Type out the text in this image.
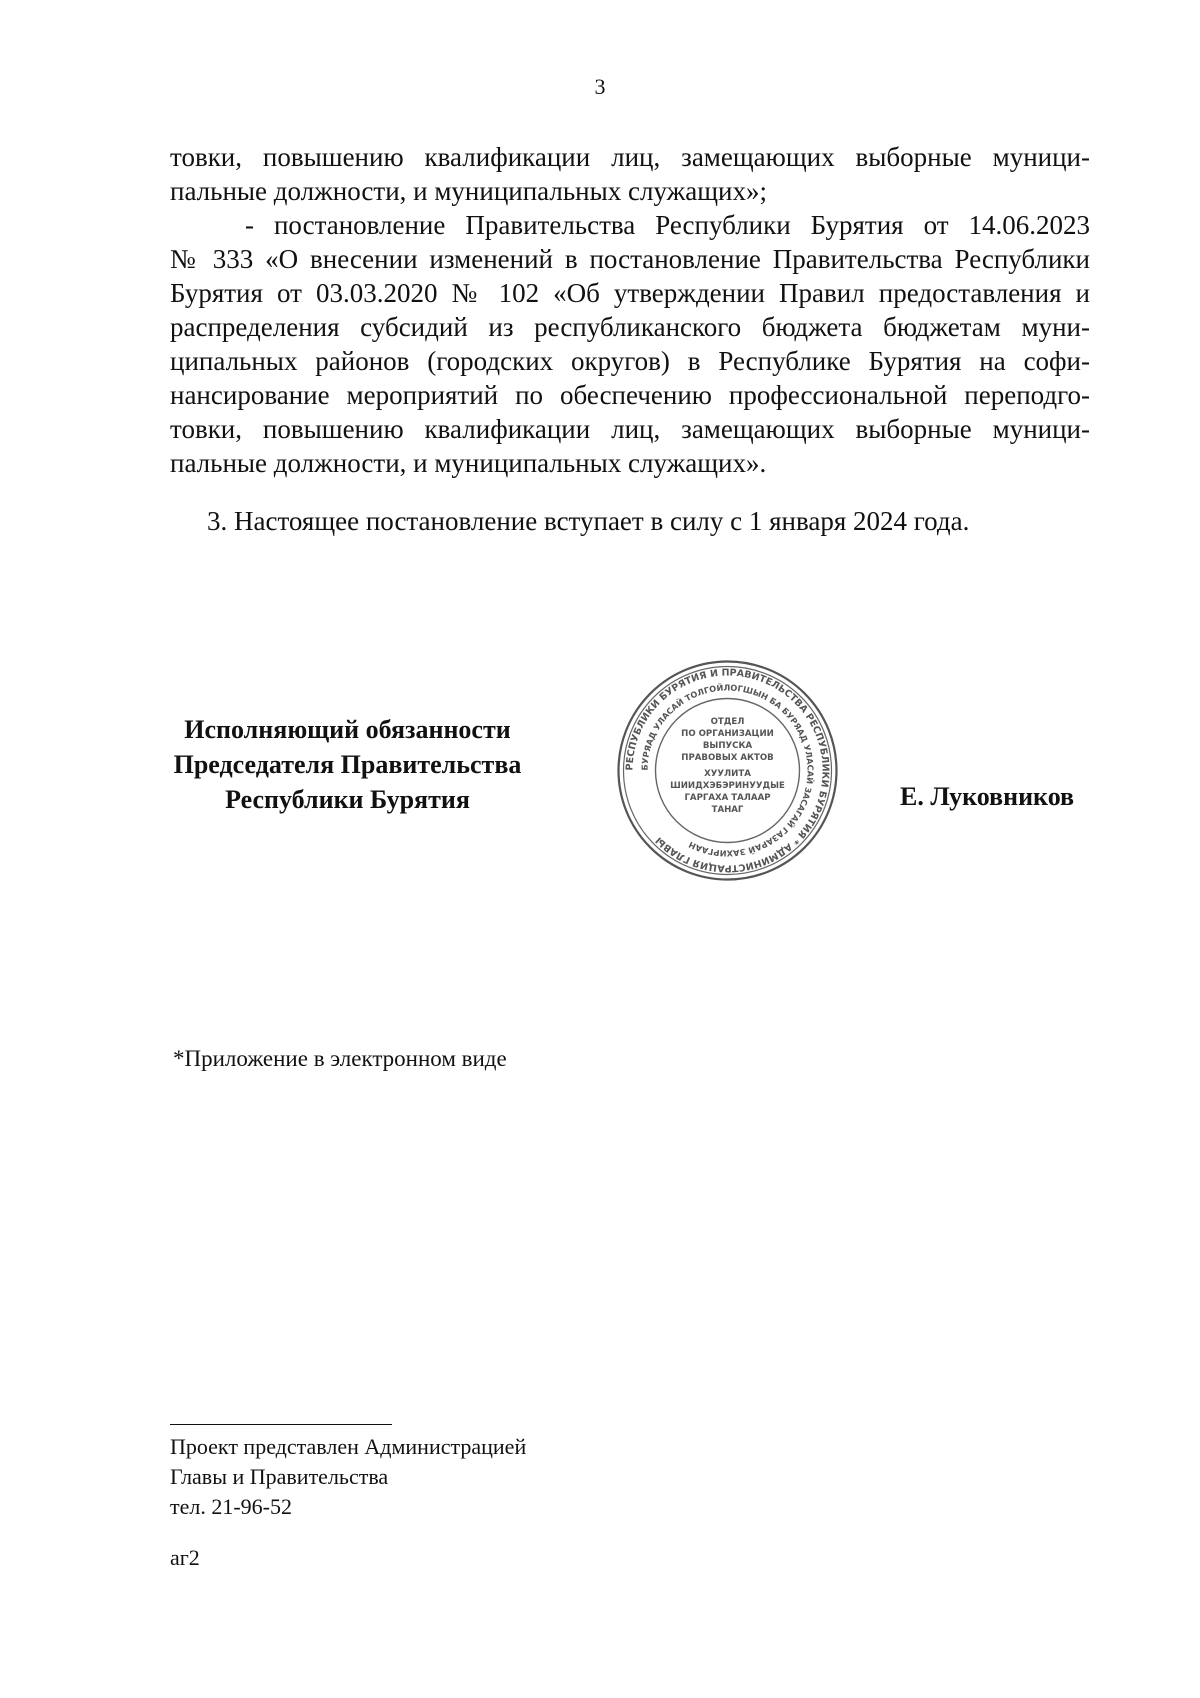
3
товки, повышению квалификации лиц, замещающих выборные муници-
пальные должности, и муниципальных служащих»;
- постановление Правительства Республики Бурятия от 14.06.2023
№ 333 «О внесении изменений в постановление Правительства Республики
Бурятия от 03.03.2020 № 102 «Об утверждении Правил предоставления и
распределения субсидий из республиканского бюджета бюджетам муни-
ципальных районов (городских округов) в Республике Бурятия на софи-
нансирование мероприятий по обеспечению профессиональной переподго-
товки, повышению квалификации лиц, замещающих выборные муници-
пальные должности, и муниципальных служащих».
3. Настоящее постановление вступает в силу с 1 января 2024 года.
Исполняющий обязанности
Председателя Правительства
Республики Бурятия
РЕСПУБЛИКИ БУРЯТИЯ И ПРАВИТЕЛЬСТВА РЕСПУБЛИКИ БУРЯТИЯ * АДМИНИСТРАЦИЯ ГЛАВЫ
БУРЯАД УЛАСАЙ ТОЛГОЙЛОГШЫН БА БУРЯАД УЛАСАЙ ЗАСАГАЙ ГАЗАРАЙ ЗАХИРГААН
ОТДЕЛ
ПО ОРГАНИЗАЦИИ
ВЫПУСКА
ПРАВОВЫХ АКТОВ
ХУУЛИТА
ШИИДХЭБЭРИНУУДЫЕ
ГАРГАХА ТАЛААР
ТАНАГ	Е. Луковников
*Приложение в электронном виде
Проект представлен Администрацией
Главы и Правительства
тел. 21-96-52
аг2
